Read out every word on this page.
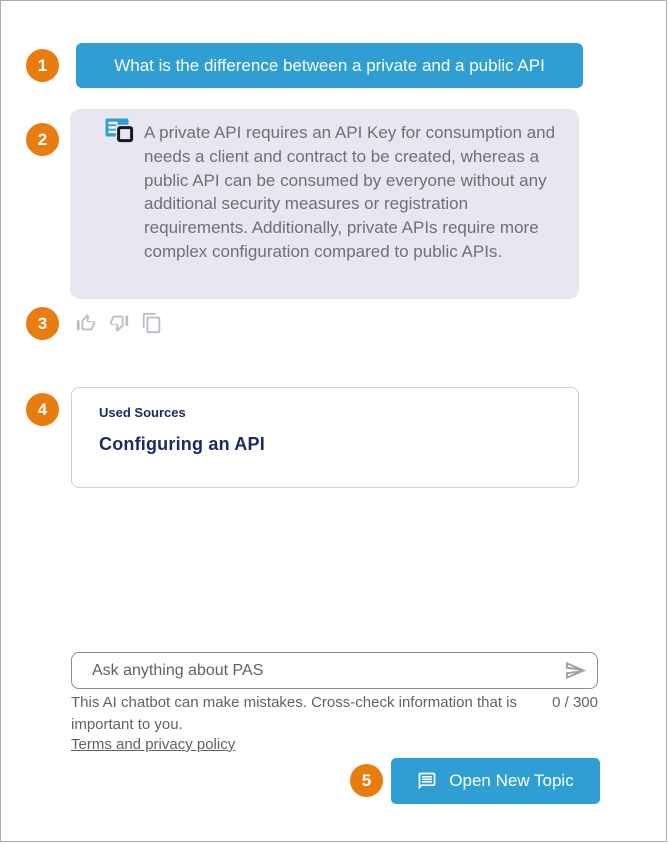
1
2
3
4
5
What is the difference between a private and a public API
A private API requires an API Key for consumption and needs a client and contract to be created, whereas a public API can be consumed by everyone without any additional security measures or registration requirements. Additionally, private APIs require more complex configuration compared to public APIs.
Used Sources
Configuring an API
Ask anything about PAS
This AI chatbot can make mistakes. Cross-check information that is important to you.
0 / 300
Terms and privacy policy
Open New Topic
